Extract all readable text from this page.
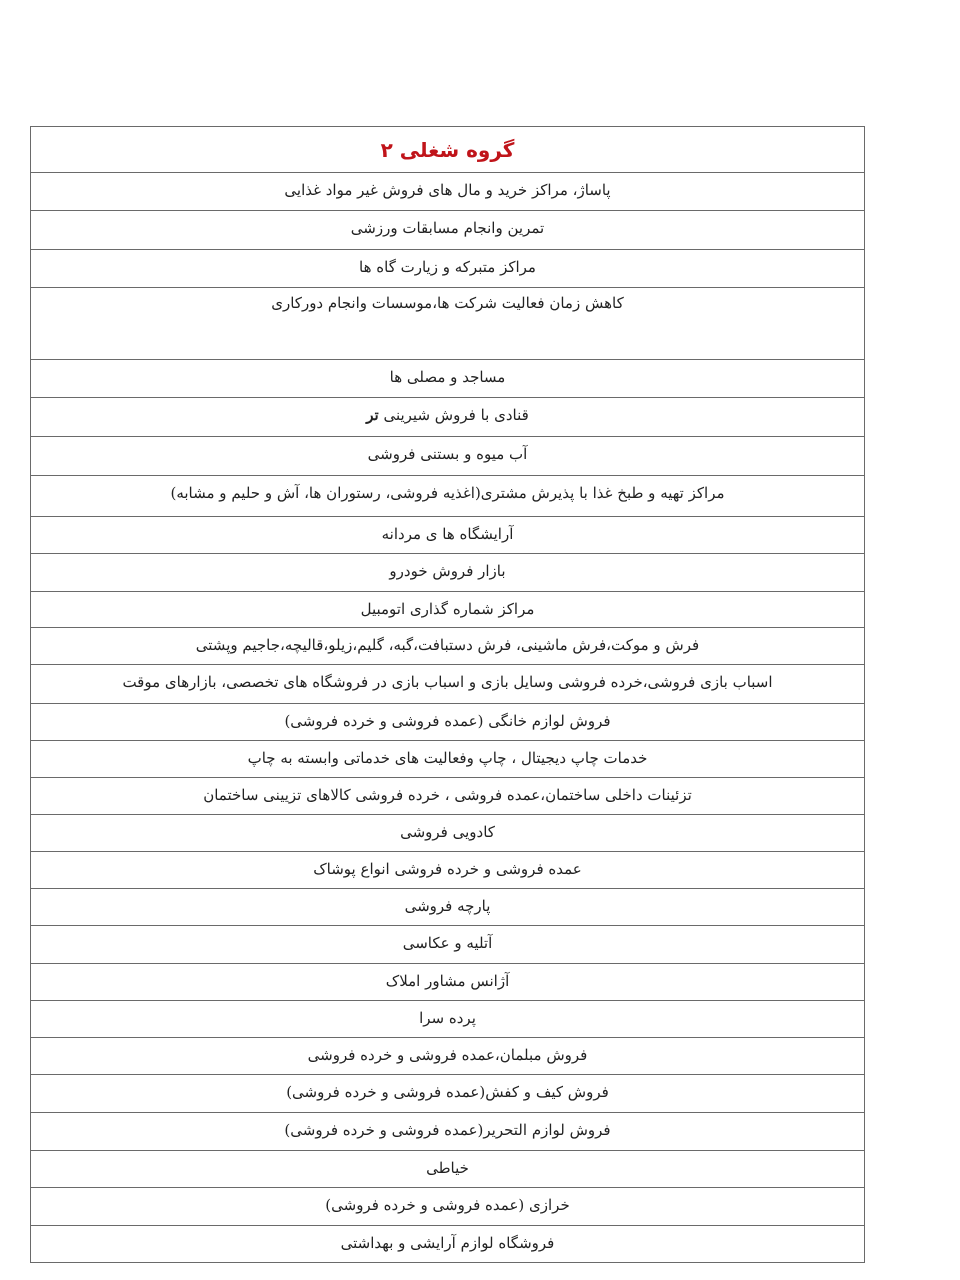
گروه شغلی ۲
پاساژ، مراکز خرید و مال های فروش غیر مواد غذایی
تمرین وانجام مسابقات ورزشی
مراکز متبرکه و زیارت گاه ها
کاهش زمان فعالیت شرکت ها،موسسات وانجام دورکاری
مساجد و مصلی ها
قنادی با فروش شیرینی تر
آب میوه و بستنی فروشی
مراکز تهیه و طبخ غذا با پذیرش مشتری(اغذیه فروشی، رستوران ها، آش و حلیم و مشابه)
آرایشگاه ها ی مردانه
بازار فروش خودرو
مراکز شماره گذاری اتومبیل
فرش و موکت،فرش ماشینی، فرش دستبافت،گبه، گلیم،زیلو،قالیچه،جاجیم وپشتی
اسباب بازی فروشی،خرده فروشی وسایل بازی و اسباب بازی در فروشگاه های تخصصی، بازارهای موقت
فروش لوازم خانگی (عمده فروشی و خرده فروشی)
خدمات چاپ دیجیتال ، چاپ وفعالیت های خدماتی وابسته به چاپ
تزئینات داخلی ساختمان،عمده فروشی ، خرده فروشی کالاهای تزیینی ساختمان
کادویی فروشی
عمده فروشی و خرده فروشی انواع پوشاک
پارچه فروشی
آتلیه و عکاسی
آژانس مشاور املاک
پرده سرا
فروش مبلمان،عمده فروشی و خرده فروشی
فروش کیف و کفش(عمده فروشی و خرده فروشی)
فروش لوازم التحریر(عمده فروشی و خرده فروشی)
خیاطی
خرازی (عمده فروشی و خرده فروشی)
فروشگاه لوازم آرایشی و بهداشتی
